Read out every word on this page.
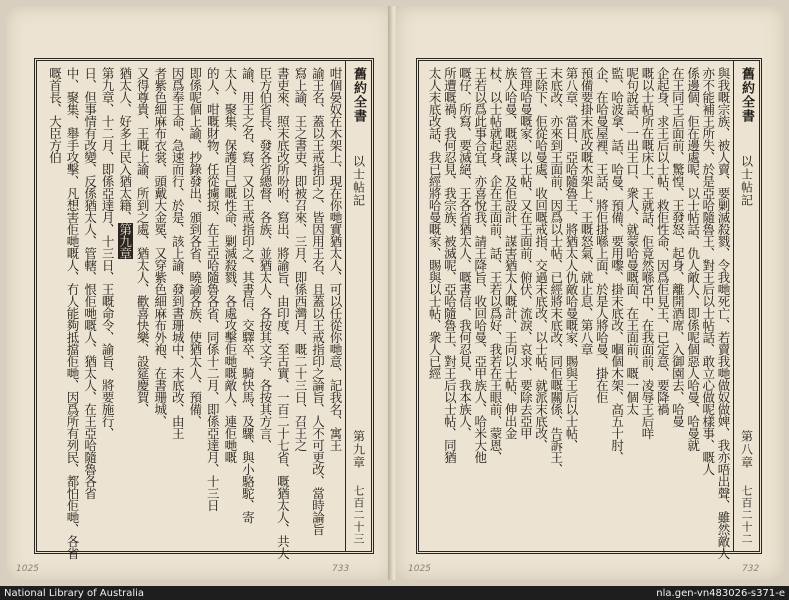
舊約全書
以士帖記
第九章
七百二十三
咁個晏奴在木架上、現在你哋實猶太人、可以任從你哋意、記我名、寓王
諭王名、蓋以王戒指印之、皆因用王名、且蓋以王戒指印之論旨、人不可更改、當時論旨
寫上諭、王之書吏、即被召來、三月、即係西灣月、嘅二十三日、召王之
書吏來、照末底改所吩咐、寫出、將諭旨、由印度、至古實、一百二十七省、嘅猶太人、共大
臣方伯省長、發各省總督、各族、並猶太人、各按其文字、各按其方言、
諭、用王之名、寫、又以王戒指印之、其書信、交驛卒、騎快馬、及騾、與小駱駝、寄
太人、聚集、保護自己嘅性命、剿滅殺戮、各處攻擊佢哋嘅敵人、連佢哋嘅
的人、咁嘅財物、任從擄掠、在王亞哈隨魯各省、同係十二月、即係亞達月、十三日
即係呢個上諭、抄錄發出、頒到各省、曉諭各族、使猶太人、預備、
因爲奉王命、急速而行、於是、該上諭、發到書珊城中、末底改、由王
者紫色細麻布衣裳、頭戴大金冕、又穿紫色細麻布外袍、在書珊城、
又得尊貴、王嘅上諭、所到之處、猶太人、歡喜快樂、設筵慶賀、
猶太人、好多土民入猶太籍、第九章
第九章、十二月、即係亞達月、十三日、王嘅命令、諭旨、將要施行、
日、但事情有改變、反係猶太人、管轄、恨佢哋嘅人、猶太人、在王亞哈隨魯各省
中、聚集、舉手攻擊、凡想害佢哋嘅人、冇人能夠抵擋佢哋、因爲所有列民、都怕佢哋、各省
嘅首長、大臣方伯
1025	733
舊約全書
以士帖記
第八章
七百二十二
與我嘅宗族、被人賣、要剿滅殺戮、令我哋死亡、若賣我哋做奴做婢、我亦唔出聲、雖然敵人
亦不能補王所失、於是亞哈隨魯王、對王后以士帖話、敢立心做呢樣事、嘅人
係邊個、佢在邊處呢、以士帖話、仇人敵人、即係呢個惡人哈曼、哈曼就
在王同王后面前、驚惶、王發怒、起身、離開酒席、入御園去、哈曼
企起身、求王后以士帖、救佢性命、因爲佢見王、已定意、要降禍
嘅以士帖所在嘅床上、王就話、佢竟然喺宮中、在我面前、凌辱王后咩
呢句說話、一出王口、衆人、就蒙哈曼嘅面、在王面前、嘅一個太
監、哈波拿、話、哈曼、預備、要用嚟、掛末底改、嗰個木架、高五十肘、
企、在哈曼屋裡、王話、將佢掛喺上面、於是人將哈曼、掛在佢
預備要掛末底改嘅木架上、王嘅怒氣、就止息、第八章
第八章、當日、亞哈隨魯王、將猶太人仇敵哈曼嘅家、賜與王后以士帖、
末底改、亦來到王面前、因爲以士帖、已經將末底改、同佢嘅關係、告訴王、
王除下、佢從哈曼處、收回嘅戒指、交過末底改、以士帖、就派末底改、
管理哈曼嘅家、以士帖、又在王面前、俯伏、流淚、哀求、要除去亞甲
族人哈曼、嘅惡謀、及佢設計、謀害猶太人嘅計、王向以士帖、伸出金
杖、以士帖就起身、企在王面前、話、王若以爲好、我若在王眼前、蒙恩、
王若以爲此事合宜、亦喜悅我、請王降旨、收回哈曼、亞甲族人、哈米大他
嘅仔、所寫、要滅絕、王各省猶太人、嘅書信、我何忍見、我本族人、
所遭嘅禍、我何忍見、我宗族、被滅呢、亞哈隨魯王、對王后以士帖、同猶
太人末底改話、我已經將哈曼嘅家、賜與以士帖、衆人已經
1025	732
National Library of Australia	nla.gen-vn483026-s371-e
